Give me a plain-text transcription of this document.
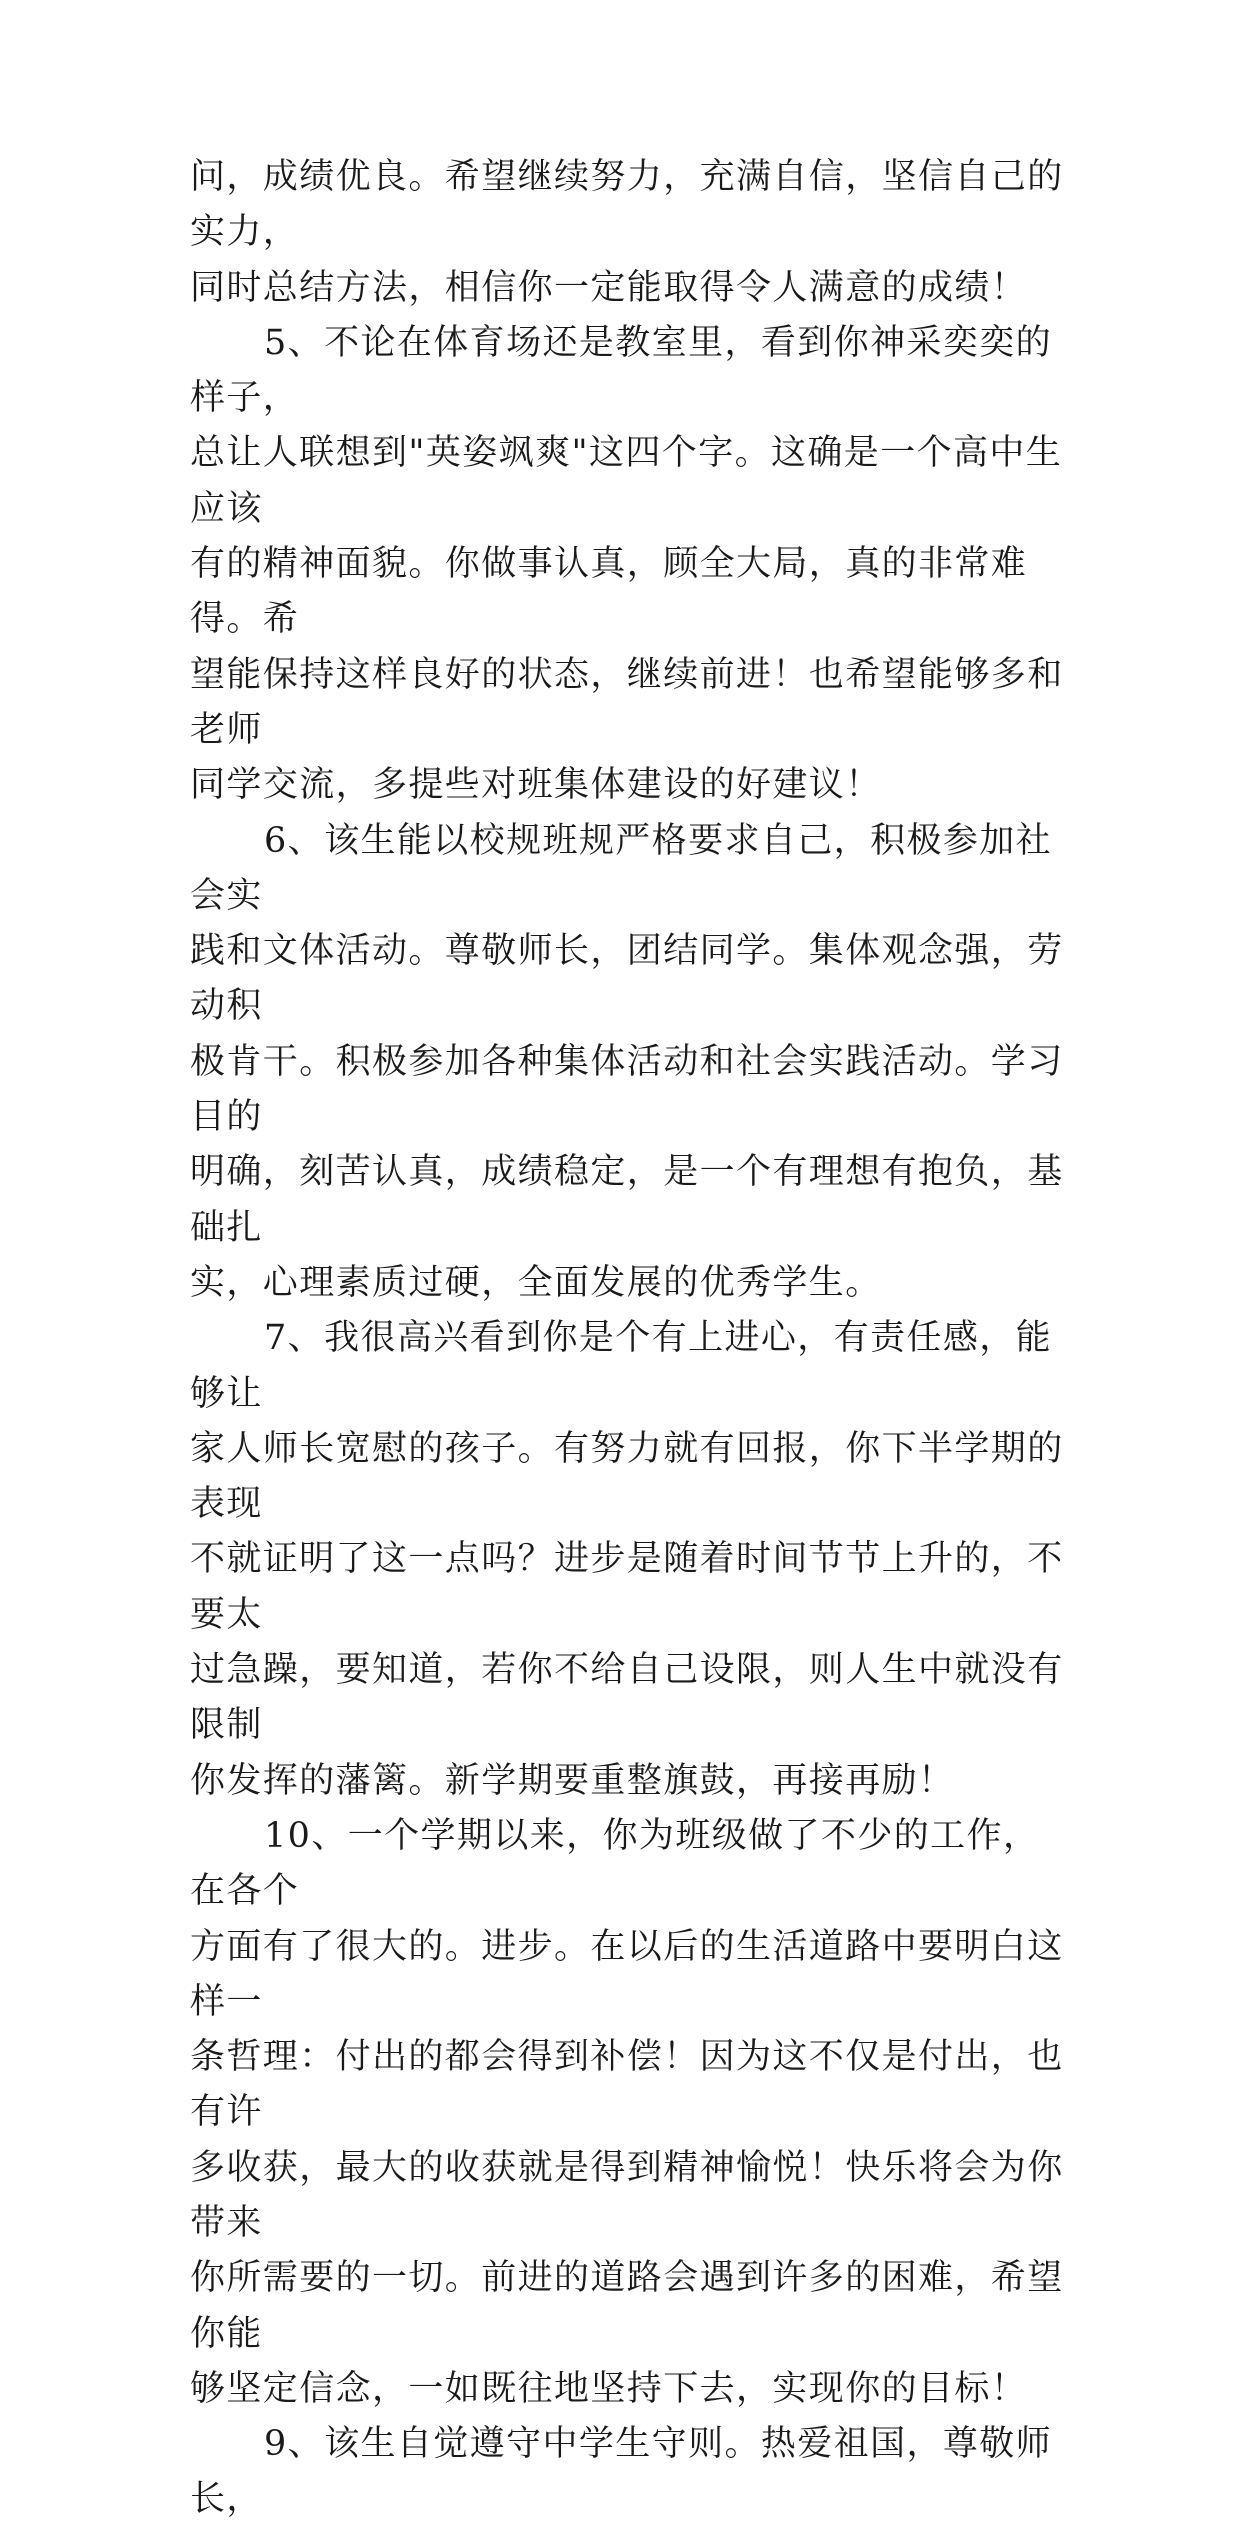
问，成绩优良。希望继续努力，充满自信，坚信自己的实力，

同时总结方法，相信你一定能取得令人满意的成绩！

5、不论在体育场还是教室里，看到你神采奕奕的样子，

总让人联想到"英姿飒爽"这四个字。这确是一个高中生应该

有的精神面貌。你做事认真，顾全大局，真的非常难得。希

望能保持这样良好的状态，继续前进！也希望能够多和老师

同学交流，多提些对班集体建设的好建议！

6、该生能以校规班规严格要求自己，积极参加社会实

践和文体活动。尊敬师长，团结同学。集体观念强，劳动积

极肯干。积极参加各种集体活动和社会实践活动。学习目的

明确，刻苦认真，成绩稳定，是一个有理想有抱负，基础扎

实，心理素质过硬，全面发展的优秀学生。

7、我很高兴看到你是个有上进心，有责任感，能够让

家人师长宽慰的孩子。有努力就有回报，你下半学期的表现

不就证明了这一点吗？进步是随着时间节节上升的，不要太

过急躁，要知道，若你不给自己设限，则人生中就没有限制

你发挥的藩篱。新学期要重整旗鼓，再接再励！

10、一个学期以来，你为班级做了不少的工作，在各个

方面有了很大的。进步。在以后的生活道路中要明白这样一

条哲理：付出的都会得到补偿！因为这不仅是付出，也有许

多收获，最大的收获就是得到精神愉悦！快乐将会为你带来

你所需要的一切。前进的道路会遇到许多的困难，希望你能

够坚定信念，一如既往地坚持下去，实现你的目标！

9、该生自觉遵守中学生守则。热爱祖国，尊敬师长，
